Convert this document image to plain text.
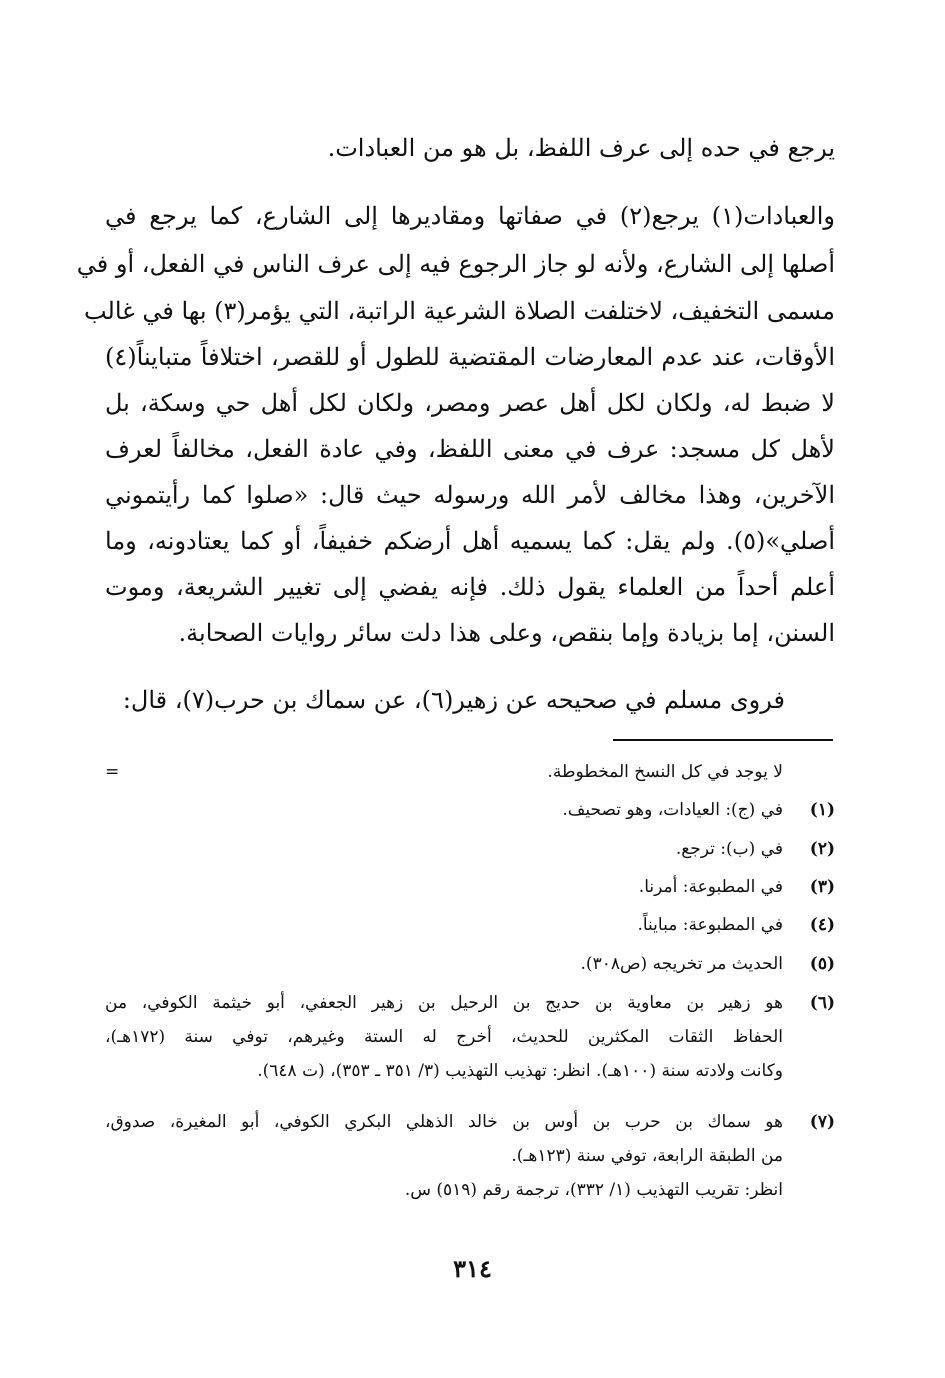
يرجع في حده إلى عرف اللفظ، بل هو من العبادات.
والعبادات(١) يرجع(٢) في صفاتها ومقاديرها إلى الشارع، كما يرجع في
أصلها إلى الشارع، ولأنه لو جاز الرجوع فيه إلى عرف الناس في الفعل، أو في
مسمى التخفيف، لاختلفت الصلاة الشرعية الراتبة، التي يؤمر(٣) بها في غالب
الأوقات، عند عدم المعارضات المقتضية للطول أو للقصر، اختلافاً متبايناً(٤)
لا ضبط له، ولكان لكل أهل عصر ومصر، ولكان لكل أهل حي وسكة، بل
لأهل كل مسجد: عرف في معنى اللفظ، وفي عادة الفعل، مخالفاً لعرف
الآخرين، وهذا مخالف لأمر الله ورسوله حيث قال: «صلوا كما رأيتموني
أصلي»(٥). ولم يقل: كما يسميه أهل أرضكم خفيفاً، أو كما يعتادونه، وما
أعلم أحداً من العلماء يقول ذلك. فإنه يفضي إلى تغيير الشريعة، وموت
السنن، إما بزيادة وإما بنقص، وعلى هذا دلت سائر روايات الصحابة.
فروى مسلم في صحيحه عن زهير(٦)، عن سماك بن حرب(٧)، قال:
=	لا يوجد في كل النسخ المخطوطة.
(١)
في (ج): العيادات، وهو تصحيف.
(٢)
في (ب): ترجع.
(٣)
في المطبوعة: أمرنا.
(٤)
في المطبوعة: مبايناً.
(٥)
الحديث مر تخريجه (ص٣٠٨).
(٦)
هو زهير بن معاوية بن حديج بن الرحيل بن زهير الجعفي، أبو خيثمة الكوفي، من
الحفاظ الثقات المكثرين للحديث، أخرج له الستة وغيرهم، توفي سنة (١٧٢هـ)،
وكانت ولادته سنة (١٠٠هـ). انظر: تهذيب التهذيب (٣/ ٣٥١ ـ ٣٥٣)، (ت ٦٤٨).
(٧)
هو سماك بن حرب بن أوس بن خالد الذهلي البكري الكوفي، أبو المغيرة، صدوق،
من الطبقة الرابعة، توفي سنة (١٢٣هـ).
انظر: تقريب التهذيب (١/ ٣٣٢)، ترجمة رقم (٥١٩) س.
٣١٤
